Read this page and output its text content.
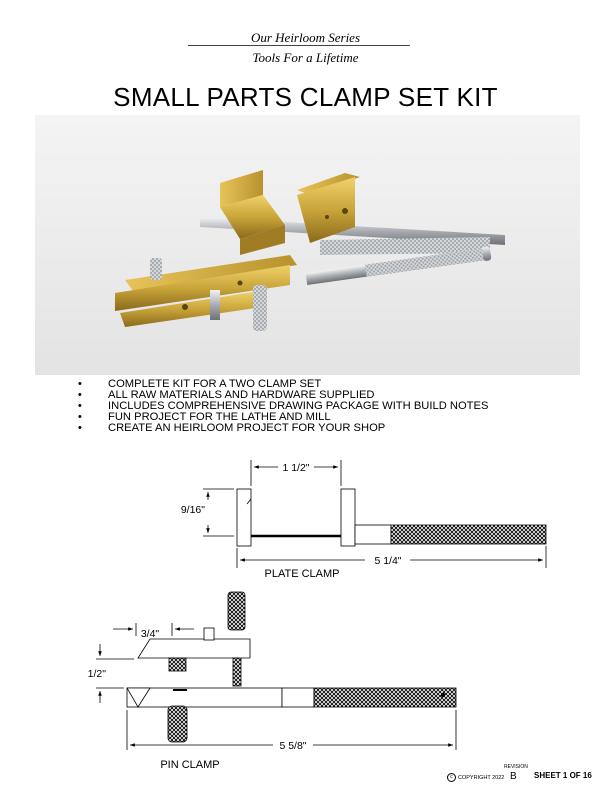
Our Heirloom Series
Tools For a Lifetime
SMALL PARTS CLAMP SET KIT
• COMPLETE KIT FOR A TWO CLAMP SET
• ALL RAW MATERIALS AND HARDWARE SUPPLIED
• INCLUDES COMPREHENSIVE DRAWING PACKAGE WITH BUILD NOTES
• FUN PROJECT FOR THE LATHE AND MILL
• CREATE AN HEIRLOOM PROJECT FOR YOUR SHOP
1 1/2"
9/16"
5 1/4"
PLATE CLAMP
3/4"
1/2"
5 5/8"
PIN CLAMP
c COPYRIGHT 2022
REVISION
B SHEET 1 OF 16
